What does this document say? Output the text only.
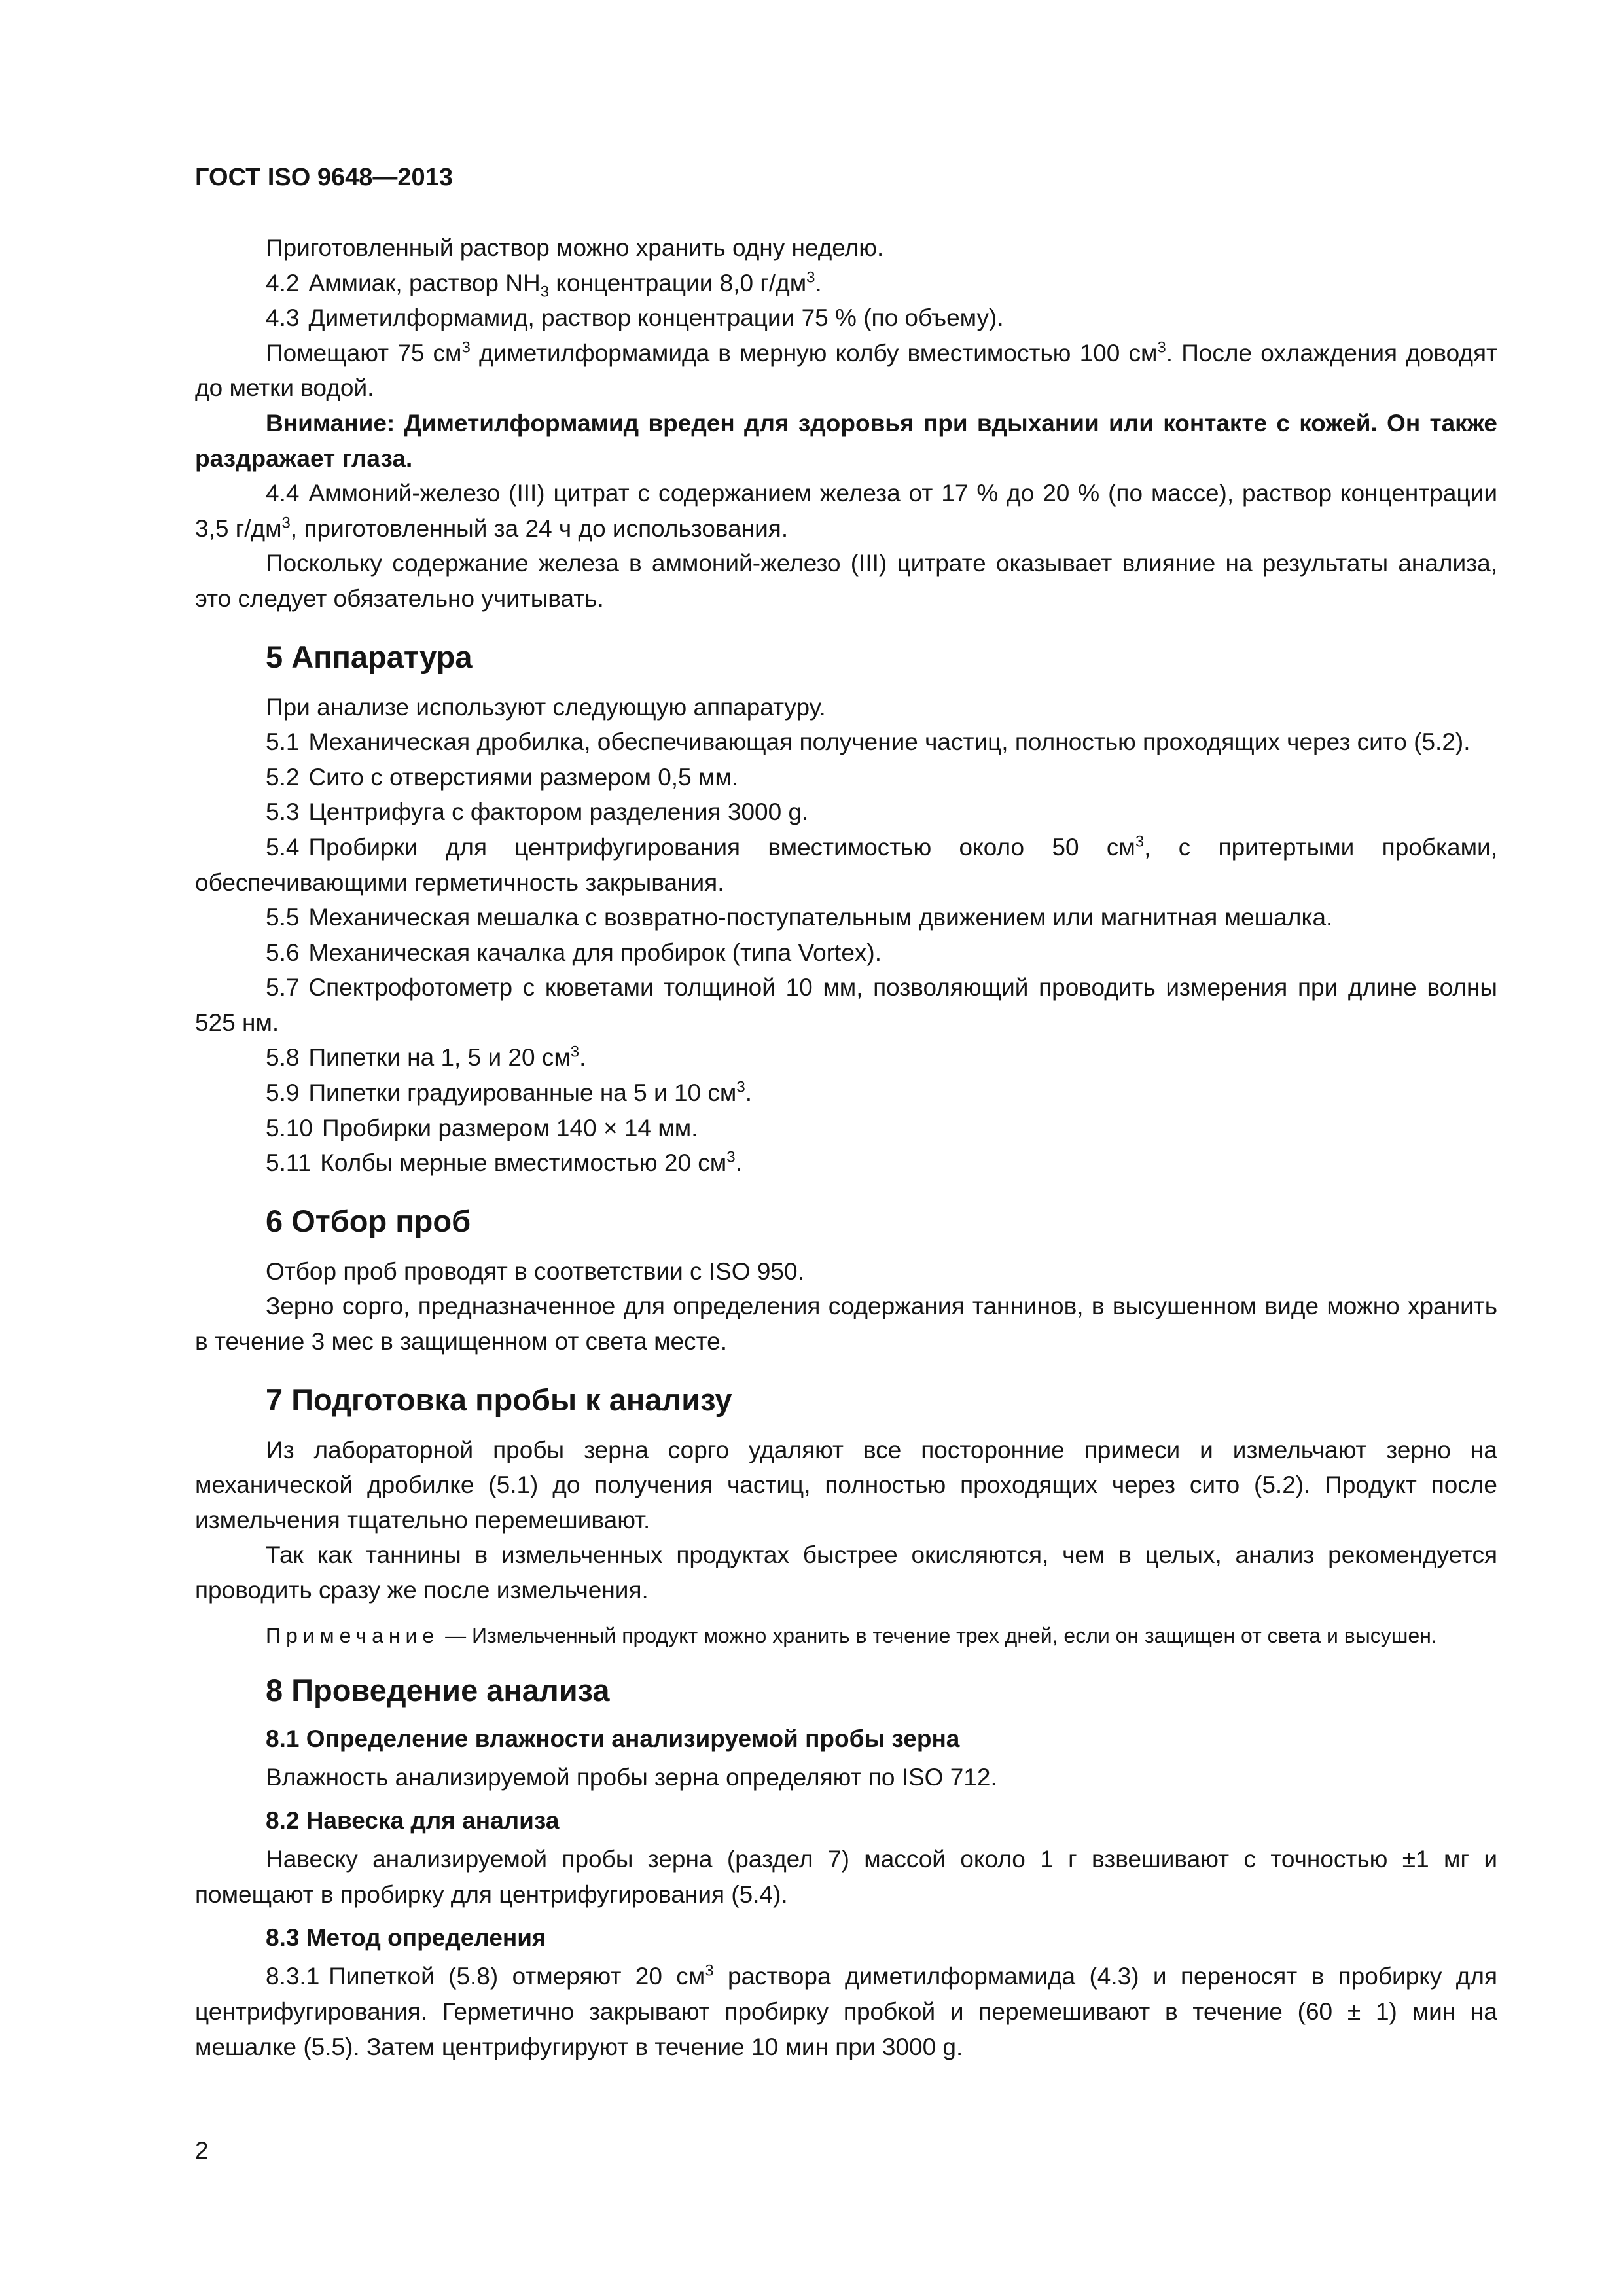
ГОСТ ISO 9648—2013

Приготовленный раствор можно хранить одну неделю.

4.2 Аммиак, раствор $NH_3$ концентрации 8,0 $г/дм^3$.

4.3 Диметилформамид, раствор концентрации 75 % (по объему).

Помещают 75 $см^3$ диметилформамида в мерную колбу вместимостью 100 $см^3$. После охлаждения доводят до метки водой.

Внимание: Диметилформамид вреден для здоровья при вдыхании или контакте с кожей. Он также раздражает глаза.

4.4 Аммоний-железо (III) цитрат с содержанием железа от 17 % до 20 % (по массе), раствор концентрации 3,5 $г/дм^3$, приготовленный за 24 ч до использования.

Поскольку содержание железа в аммоний-железо (III) цитрате оказывает влияние на результаты анализа, это следует обязательно учитывать.

5 Аппаратура

При анализе используют следующую аппаратуру.

5.1 Механическая дробилка, обеспечивающая получение частиц, полностью проходящих через сито (5.2).

5.2 Сито с отверстиями размером 0,5 мм.

5.3 Центрифуга с фактором разделения 3000 g.

5.4 Пробирки для центрифугирования вместимостью около 50 $см^3$, с притертыми пробками, обеспечивающими герметичность закрывания.

5.5 Механическая мешалка с возвратно-поступательным движением или магнитная мешалка.

5.6 Механическая качалка для пробирок (типа Vortex).

5.7 Спектрофотометр с кюветами толщиной 10 мм, позволяющий проводить измерения при длине волны 525 нм.

5.8 Пипетки на 1, 5 и 20 $см^3$.

5.9 Пипетки градуированные на 5 и 10 $см^3$.

5.10 Пробирки размером 140 × 14 мм.

5.11 Колбы мерные вместимостью 20 $см^3$.

6 Отбор проб

Отбор проб проводят в соответствии с ISO 950.

Зерно сорго, предназначенное для определения содержания таннинов, в высушенном виде можно хранить в течение 3 мес в защищенном от света месте.

7 Подготовка пробы к анализу

Из лабораторной пробы зерна сорго удаляют все посторонние примеси и измельчают зерно на механической дробилке (5.1) до получения частиц, полностью проходящих через сито (5.2). Продукт после измельчения тщательно перемешивают.

Так как таннины в измельченных продуктах быстрее окисляются, чем в целых, анализ рекомендуется проводить сразу же после измельчения.

Примечание — Измельченный продукт можно хранить в течение трех дней, если он защищен от света и высушен.
8 Проведение анализа
8.1 Определение влажности анализируемой пробы зерна

Влажность анализируемой пробы зерна определяют по ISO 712.

8.2 Навеска для анализа

Навеску анализируемой пробы зерна (раздел 7) массой около 1 г взвешивают с точностью ±1 мг и помещают в пробирку для центрифугирования (5.4).

8.3 Метод определения

8.3.1 Пипеткой (5.8) отмеряют 20 $см^3$ раствора диметилформамида (4.3) и переносят в пробирку для центрифугирования. Герметично закрывают пробирку пробкой и перемешивают в течение (60 ± 1) мин на мешалке (5.5). Затем центрифугируют в течение 10 мин при 3000 g.

2
